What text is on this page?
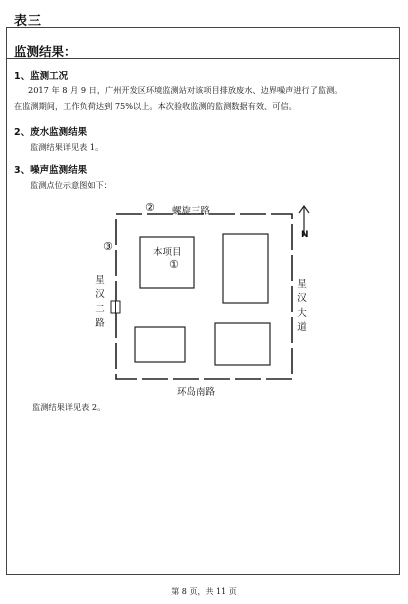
表三
监测结果：
1、监测工况
2017 年 8 月 9 日，广州开发区环境监测站对该项目排放废水、边界噪声进行了监测。
在监测期间，工作负荷达到 75%以上。本次验收监测的监测数据有效、可信。
2、废水监测结果
监测结果详见表 1。
3、噪声监测结果
监测点位示意图如下：
螺旋三路
环岛南路
星
汉
二
路
星
汉
大
道
N
本项目
①
②
③
监测结果详见表 2。
第 8 页，共 11 页
